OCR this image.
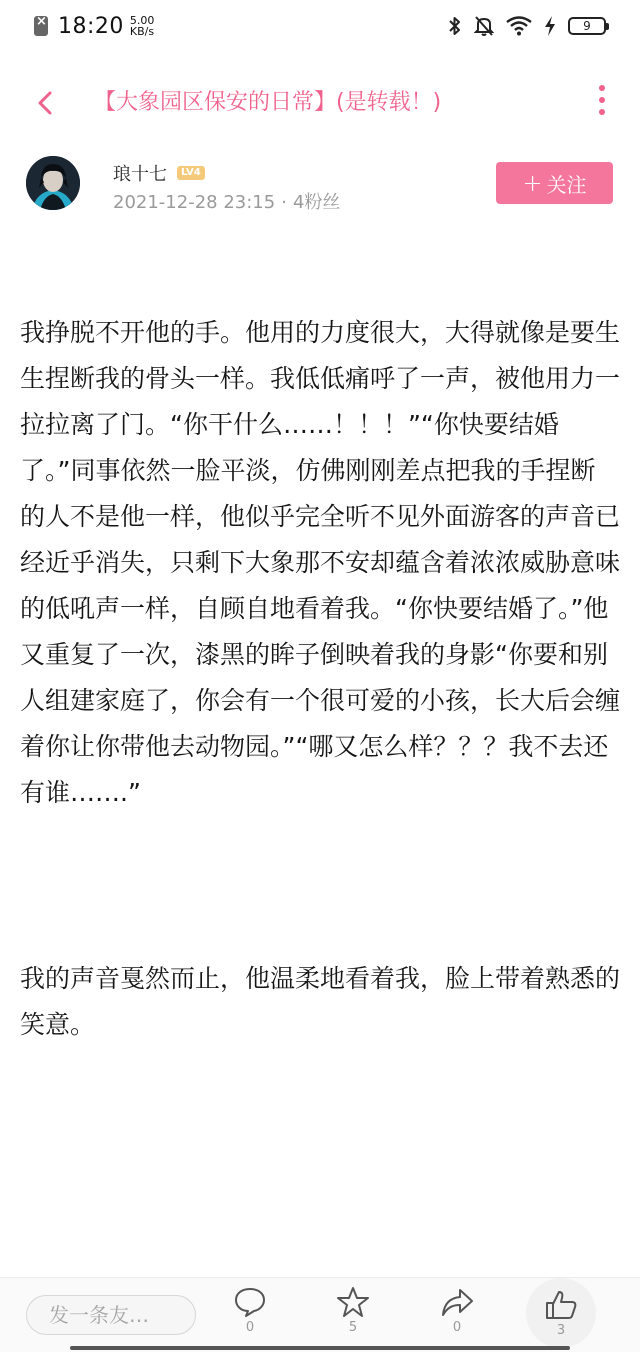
×
18:20 5.00
KB/s	9
【大象园区保安的日常】(是转载！)
琅十七	LV4
2021-12-28 23:15 · 4粉丝
+ 关注

我挣脱不开他的手。他用的力度很大，大得就像是要生生捏断我的骨头一样。我低低痛呼了一声，被他用力一拉拉离了门。“你干什么……！！！”“你快要结婚了。”同事依然一脸平淡，仿佛刚刚差点把我的手捏断的人不是他一样，他似乎完全听不见外面游客的声音已经近乎消失，只剩下大象那不安却蕴含着浓浓威胁意味的低吼声一样，自顾自地看着我。“你快要结婚了。”他又重复了一次，漆黑的眸子倒映着我的身影“你要和别人组建家庭了，你会有一个很可爱的小孩，长大后会缠着你让你带他去动物园。”“哪又怎么样？？？我不去还有谁…….”

我的声音戛然而止，他温柔地看着我，脸上带着熟悉的笑意。

发一条友…
0	5	0	3
